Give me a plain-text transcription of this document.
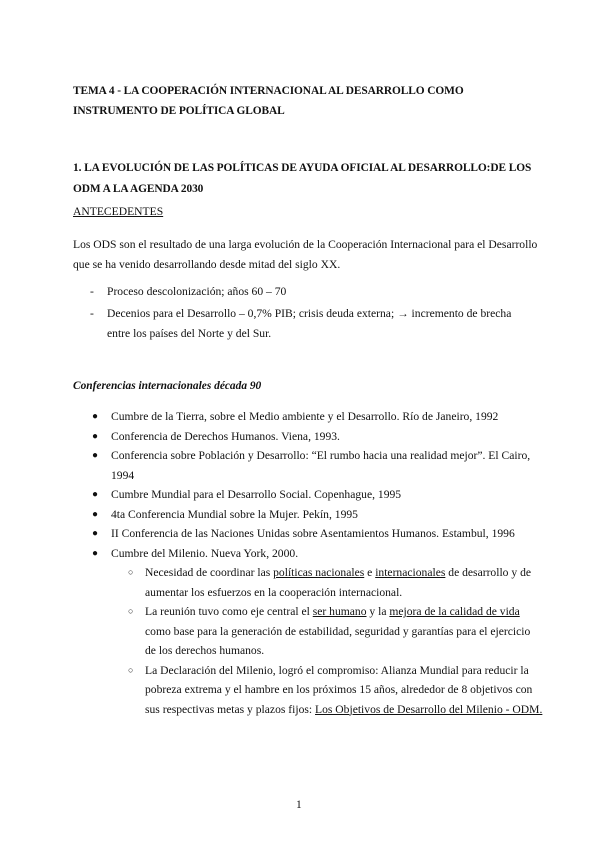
TEMA 4 - LA COOPERACIÓN INTERNACIONAL AL DESARROLLO COMO INSTRUMENTO DE POLÍTICA GLOBAL
1. LA EVOLUCIÓN DE LAS POLÍTICAS DE AYUDA OFICIAL AL DESARROLLO:DE LOS ODM A LA AGENDA 2030
ANTECEDENTES
Los ODS son el resultado de una larga evolución de la Cooperación Internacional para el Desarrollo que se ha venido desarrollando desde mitad del siglo XX.
-	Proceso descolonización; años 60 – 70
-	Decenios para el Desarrollo – 0,7% PIB; crisis deuda externa; → incremento de brecha entre los países del Norte y del Sur.
Conferencias internacionales década 90
● Cumbre de la Tierra, sobre el Medio ambiente y el Desarrollo. Río de Janeiro, 1992
● Conferencia de Derechos Humanos. Viena, 1993.
● Conferencia sobre Población y Desarrollo: “El rumbo hacia una realidad mejor”. El Cairo, 1994
● Cumbre Mundial para el Desarrollo Social. Copenhague, 1995
● 4ta Conferencia Mundial sobre la Mujer. Pekín, 1995
● II Conferencia de las Naciones Unidas sobre Asentamientos Humanos. Estambul, 1996
● Cumbre del Milenio. Nueva York, 2000.
○ Necesidad de coordinar las políticas nacionales e internacionales de desarrollo y de aumentar los esfuerzos en la cooperación internacional.
○ La reunión tuvo como eje central el ser humano y la mejora de la calidad de vida como base para la generación de estabilidad, seguridad y garantías para el ejercicio de los derechos humanos.
○ La Declaración del Milenio, logró el compromiso: Alianza Mundial para reducir la pobreza extrema y el hambre en los próximos 15 años, alrededor de 8 objetivos con sus respectivas metas y plazos fijos: Los Objetivos de Desarrollo del Milenio - ODM.
1
